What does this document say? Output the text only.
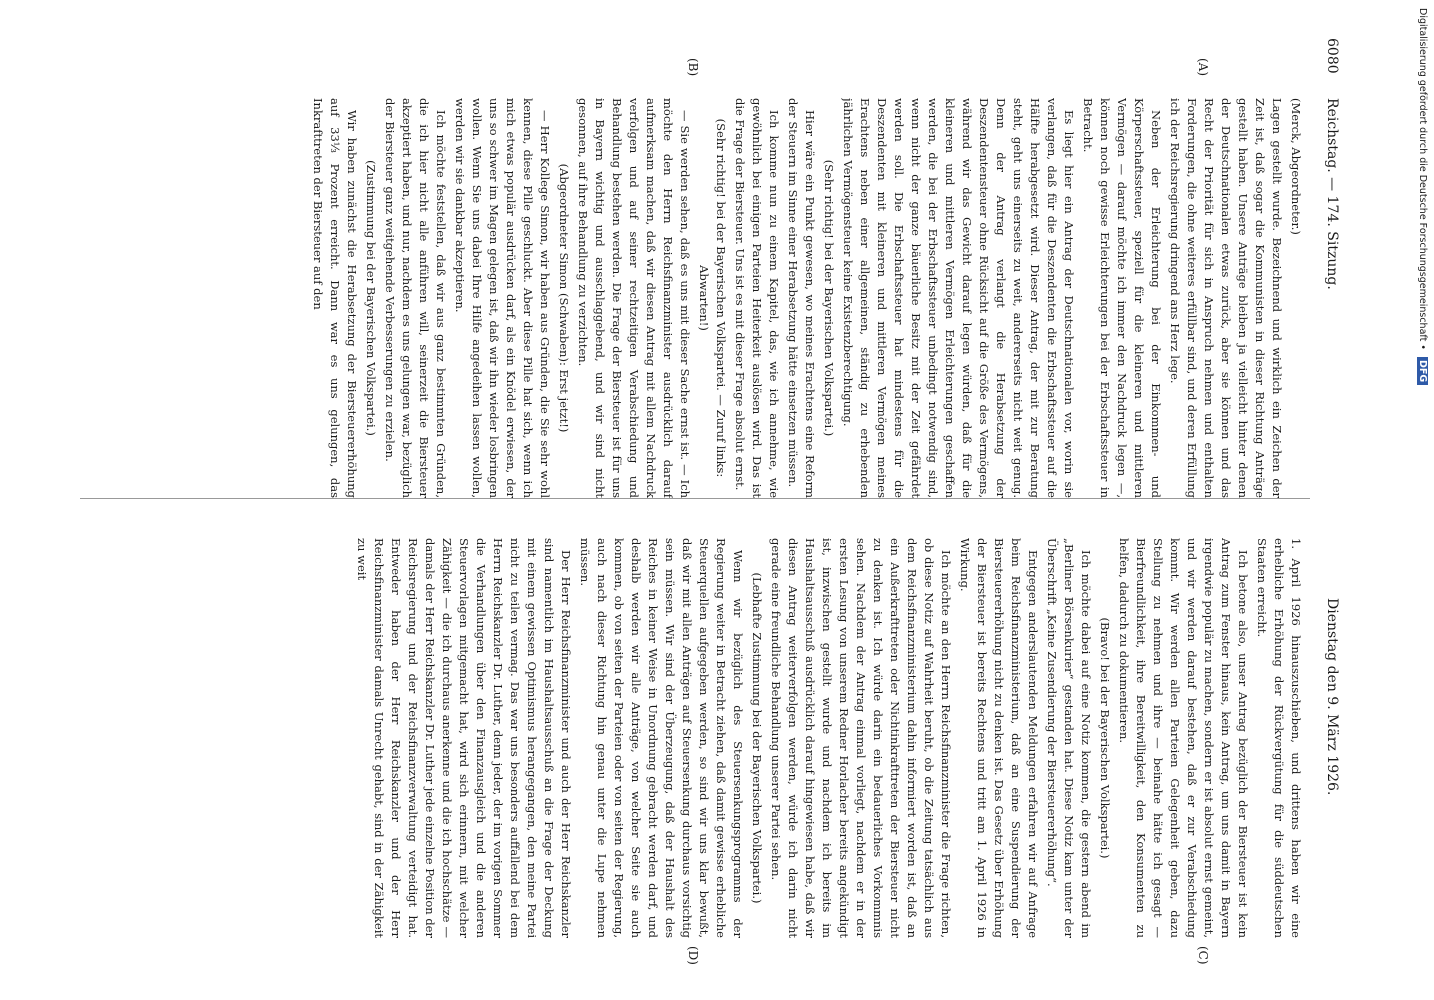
6080
Reichstag. — 174. Sitzung.
Dienstag den 9. März 1926.
(A)
(B)
(C)
(D)

(Merck, Abgeordneter.)

Lagen gestellt wurde. Bezeichnend und wirklich ein Zeichen der Zeit ist, daß sogar die Kommunisten in dieser Richtung Anträge gestellt haben. Unsere Anträge bleiben ja vielleicht hinter denen der Deutschnationalen etwas zurück, aber sie können und das Recht der Priorität für sich in Anspruch nehmen und enthalten Forderungen, die ohne weiteres erfüllbar sind, und deren Erfüllung ich der Reichsregierung dringend ans Herz lege.

Neben der Erleichterung bei der Einkommen- und Körperschaftssteuer, speziell für die kleineren und mittleren Vermögen — darauf möchte ich immer den Nachdruck legen —, können noch gewisse Erleichterungen bei der Erbschaftssteuer in Betracht.

Es liegt hier ein Antrag der Deutschnationalen vor, worin sie verlangen, daß für die Deszendenten die Erbschaftssteuer auf die Hälfte herabgesetzt wird. Dieser Antrag, der mit zur Beratung steht, geht uns einerseits zu weit, andererseits nicht weit genug. Denn der Antrag verlangt die Herabsetzung der Deszendentensteuer ohne Rücksicht auf die Größe des Vermögens, während wir das Gewicht darauf legen würden, daß für die kleineren und mittleren Vermögen Erleichterungen geschaffen werden, die bei der Erbschaftssteuer unbedingt notwendig sind, wenn nicht der ganze bäuerliche Besitz mit der Zeit gefährdet werden soll. Die Erbschaftssteuer hat mindestens für die Deszendenten mit kleineren und mittleren Vermögen meines Erachtens neben einer allgemeinen, ständig zu erhebenden jährlichen Vermögensteuer keine Existenzberechtigung.

(Sehr richtig! bei der Bayerischen Volkspartei.)

Hier wäre ein Punkt gewesen, wo meines Erachtens eine Reform der Steuern im Sinne einer Herabsetzung hätte einsetzen müssen.

Ich komme nun zu einem Kapitel, das, wie ich annehme, wie gewöhnlich bei einigen Parteien Heiterkeit auslösen wird. Das ist die Frage der Biersteuer. Uns ist es mit dieser Frage absolut ernst.

(Sehr richtig! bei der Bayerischen Volkspartei. — Zuruf links: Abwarten!)

— Sie werden sehen, daß es uns mit dieser Sache ernst ist. — Ich möchte den Herrn Reichsfinanzminister ausdrücklich darauf aufmerksam machen, daß wir diesen Antrag mit allem Nachdruck verfolgen und auf seiner rechtzeitigen Verabschiedung und Behandlung bestehen werden. Die Frage der Biersteuer ist für uns in Bayern wichtig und ausschlaggebend, und wir sind nicht gesonnen, auf ihre Behandlung zu verzichten.

(Abgeordneter Simon (Schwaben): Erst jetzt!)

— Herr Kollege Simon, wir haben aus Gründen, die Sie sehr wohl kennen, diese Pille geschluckt. Aber diese Pille hat sich, wenn ich mich etwas populär ausdrücken darf, als ein Knödel erwiesen, der uns so schwer im Magen gelegen ist, daß wir ihn wieder losbringen wollen. Wenn Sie uns dabei Ihre Hilfe angedeihen lassen wollen, werden wir sie dankbar akzeptieren.

Ich möchte feststellen, daß wir aus ganz bestimmten Gründen, die ich hier nicht alle anführen will, seinerzeit die Biersteuer akzeptiert haben, und nur, nachdem es uns gelungen war, bezüglich der Biersteuer ganz weitgehende Verbesserungen zu erzielen.

(Zustimmung bei der Bayerischen Volkspartei.)

Wir haben zunächst die Herabsetzung der Biersteuererhöhung auf 33⅓ Prozent erreicht. Dann war es uns gelungen, das Inkrafttreten der Biersteuer auf den

1. April 1926 hinauszuschieben, und drittens haben wir eine erhebliche Erhöhung der Rückvergütung für die süddeutschen Staaten erreicht.

Ich betone also, unser Antrag bezüglich der Biersteuer ist kein Antrag zum Fenster hinaus, kein Antrag, um uns damit in Bayern irgendwie populär zu machen, sondern er ist absolut ernst gemeint, und wir werden darauf bestehen, daß er zur Verabschiedung kommt. Wir werden allen Parteien Gelegenheit geben, dazu Stellung zu nehmen und ihre — beinahe hätte ich gesagt — Bierfreundlichkeit, ihre Bereitwilligkeit, den Konsumenten zu helfen, dadurch zu dokumentieren.

(Bravo! bei der Bayerischen Volkspartei.)

Ich möchte dabei auf eine Notiz kommen, die gestern abend im „Berliner Börsenkurier“ gestanden hat. Diese Notiz kam unter der Überschrift „Keine Zusendierung der Biersteuererhöhung“.

Entgegen anderslautenden Meldungen erfahren wir auf Anfrage beim Reichsfinanzministerium, daß an eine Suspendierung der Biersteuererhöhung nicht zu denken ist. Das Gesetz über Erhöhung der Biersteuer ist bereits Rechtens und tritt am 1. April 1926 in Wirkung.

Ich möchte an den Herrn Reichsfinanzminister die Frage richten, ob diese Notiz auf Wahrheit beruht, ob die Zeitung tatsächlich aus dem Reichsfinanzministerium dahin informiert worden ist, daß an ein Außerkrafttreten oder Nichtinkrafttreten der Biersteuer nicht zu denken ist. Ich würde darin ein bedauerliches Vorkommnis sehen. Nachdem der Antrag einmal vorliegt, nachdem er in der ersten Lesung von unserem Redner Horlacher bereits angekündigt ist, inzwischen gestellt wurde und nachdem ich bereits im Haushaltsausschuß ausdrücklich darauf hingewiesen habe, daß wir diesen Antrag weiterverfolgen werden, würde ich darin nicht gerade eine freundliche Behandlung unserer Partei sehen.

(Lebhafte Zustimmung bei der Bayerischen Volkspartei.)

Wenn wir bezüglich des Steuersenkungsprogramms der Regierung weiter in Betracht ziehen, daß damit gewisse erhebliche Steuerquellen aufgegeben werden, so sind wir uns klar bewußt, daß wir mit allen Anträgen auf Steuersenkung durchaus vorsichtig sein müssen. Wir sind der Überzeugung, daß der Haushalt des Reiches in keiner Weise in Unordnung gebracht werden darf, und deshalb werden wir alle Anträge, von welcher Seite sie auch kommen, ob von seiten der Parteien oder von seiten der Regierung, auch nach dieser Richtung hin genau unter die Lupe nehmen müssen.

Der Herr Reichsfinanzminister und auch der Herr Reichskanzler sind namentlich im Haushaltsausschuß an die Frage der Deckung mit einem gewissen Optimismus herangegangen, den meine Partei nicht zu teilen vermag. Das war uns besonders auffallend bei dem Herrn Reichskanzler Dr. Luther, denn jeder, der im vorigen Sommer die Verhandlungen über den Finanzausgleich und die anderen Steuervorlagen mitgemacht hat, wird sich erinnern, mit welcher Zähigkeit — die ich durchaus anerkenne und die ich hochschätze — damals der Herr Reichskanzler Dr. Luther jede einzelne Position der Reichsregierung und der Reichsfinanzverwaltung verteidigt hat. Entweder haben der Herr Reichskanzler und der Herr Reichsfinanzminister damals Unrecht gehabt, sind in der Zähigkeit zu weit

Digitalisierung gefördert durch die Deutsche Forschungsgemeinschaft • DFG
